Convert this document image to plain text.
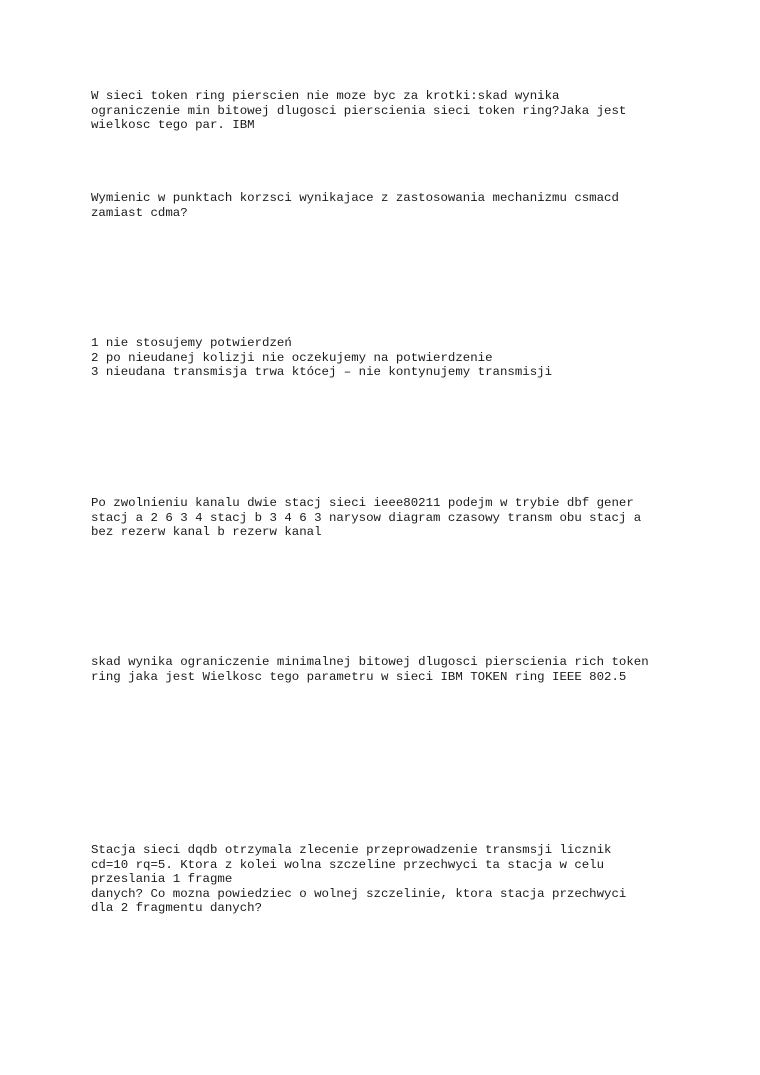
W sieci token ring pierscien nie moze byc za krotki:skad wynika
ograniczenie min bitowej dlugosci pierscienia sieci token ring?Jaka jest
wielkosc tego par. IBM
Wymienic w punktach korzsci wynikajace z zastosowania mechanizmu csmacd
zamiast cdma?
1 nie stosujemy potwierdzeń
2 po nieudanej kolizji nie oczekujemy na potwierdzenie
3 nieudana transmisja trwa któcej – nie kontynujemy transmisji
Po zwolnieniu kanalu dwie stacj sieci ieee80211 podejm w trybie dbf gener
stacj a 2 6 3 4 stacj b 3 4 6 3 narysow diagram czasowy transm obu stacj a
bez rezerw kanal b rezerw kanal
skad wynika ograniczenie minimalnej bitowej dlugosci pierscienia rich token
ring jaka jest Wielkosc tego parametru w sieci IBM TOKEN ring IEEE 802.5
Stacja sieci dqdb otrzymala zlecenie przeprowadzenie transmsji licznik
cd=10 rq=5. Ktora z kolei wolna szczeline przechwyci ta stacja w celu
przeslania 1 fragme
danych? Co mozna powiedziec o wolnej szczelinie, ktora stacja przechwyci
dla 2 fragmentu danych?
